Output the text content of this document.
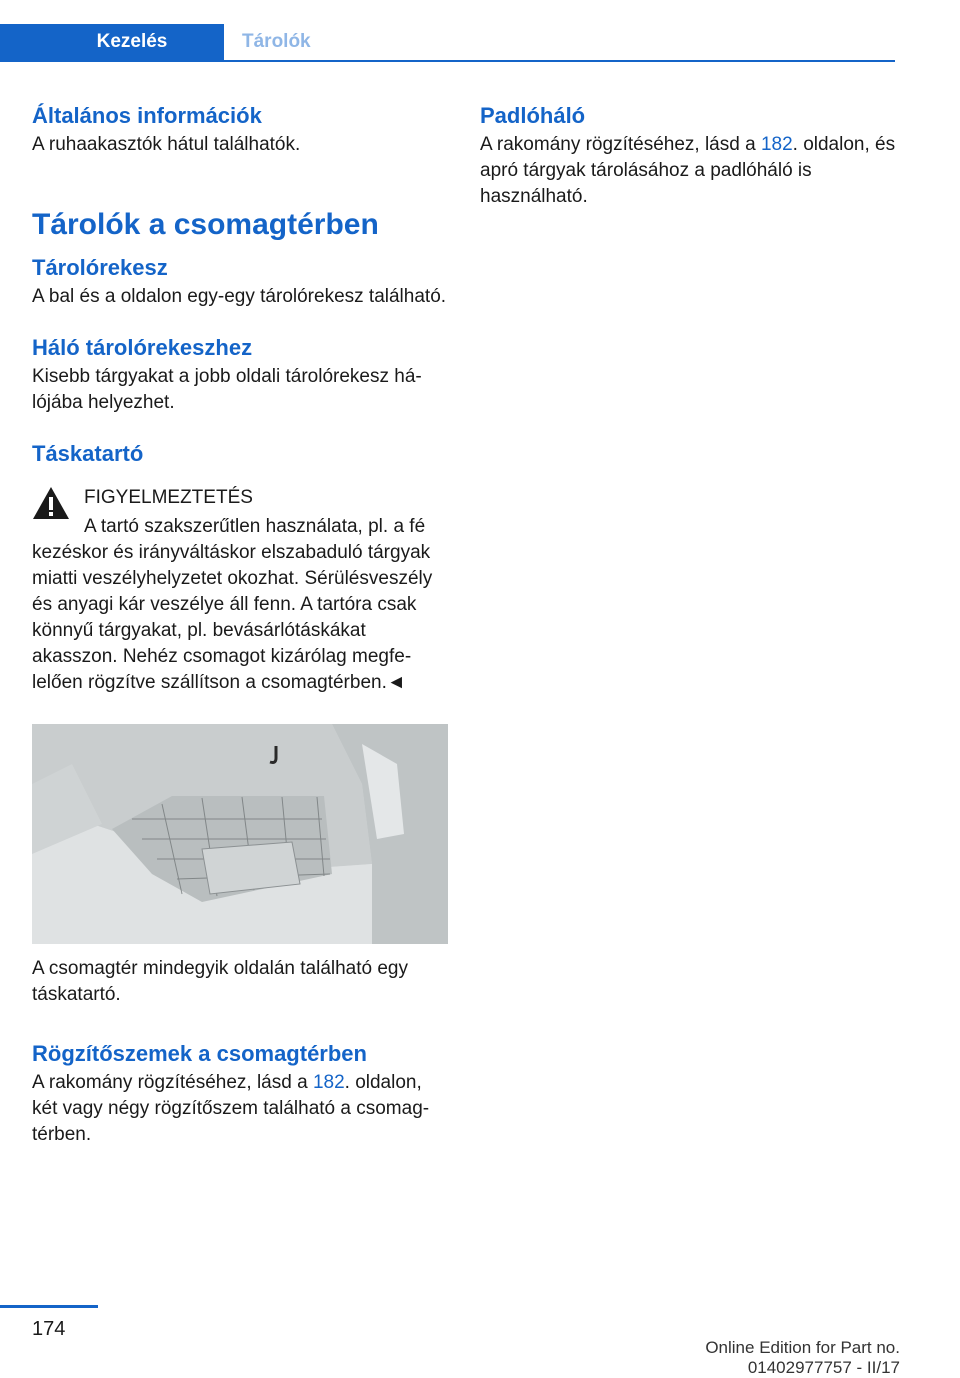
Kezelés	Tárolók
Általános információk

A ruhaakasztók hátul találhatók.

Tárolók a csomagtérben
Tárolórekesz

A bal és a oldalon egy-egy tárolórekesz található.

Háló tárolórekeszhez

Kisebb tárgyakat a jobb oldali tárolórekesz hálójába helyezhet.

Táskatartó
FIGYELMEZTETÉS
A tartó szakszerűtlen használata, pl. a fé
kezéskor és irányváltáskor elszabaduló tárgyak miatti veszélyhelyzetet okozhat. Sérülésveszély és anyagi kár veszélye áll fenn. A tartóra csak könnyű tárgyakat, pl. bevásárlótáskákat akasszon. Nehéz csomagot kizárólag megfelelően rögzítve szállítson a csomagtérben.◄

A csomagtér mindegyik oldalán található egy táskatartó.

Rögzítőszemek a csomagtérben

A rakomány rögzítéséhez, lásd a 182. oldalon, két vagy négy rögzítőszem található a csomagtérben.

Padlóháló

A rakomány rögzítéséhez, lásd a 182. oldalon, és apró tárgyak tárolásához a padlóháló is használható.

174
Online Edition for Part no. 01402977757 - II/17
